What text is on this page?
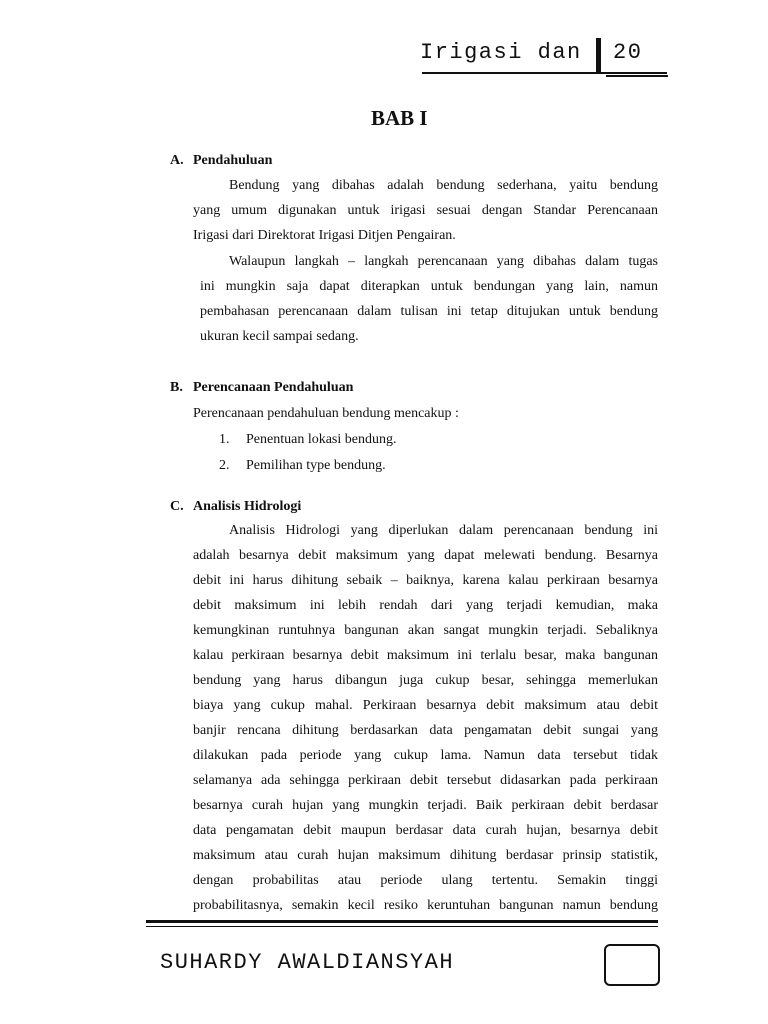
Irigasi dan 20
BAB I
A. Pendahuluan
Bendung yang dibahas adalah bendung sederhana, yaitu bendung
yang umum digunakan untuk irigasi sesuai dengan Standar Perencanaan
Irigasi dari Direktorat Irigasi Ditjen Pengairan.
Walaupun langkah – langkah perencanaan yang dibahas dalam tugas
ini mungkin saja dapat diterapkan untuk bendungan yang lain, namun
pembahasan perencanaan dalam tulisan ini tetap ditujukan untuk bendung
ukuran kecil sampai sedang.
B. Perencanaan Pendahuluan
Perencanaan pendahuluan bendung mencakup :
1. Penentuan lokasi bendung.
2. Pemilihan type bendung.
C. Analisis Hidrologi
Analisis Hidrologi yang diperlukan dalam perencanaan bendung ini
adalah besarnya debit maksimum yang dapat melewati bendung. Besarnya
debit ini harus dihitung sebaik – baiknya, karena kalau perkiraan besarnya
debit maksimum ini lebih rendah dari yang terjadi kemudian, maka
kemungkinan runtuhnya bangunan akan sangat mungkin terjadi. Sebaliknya
kalau perkiraan besarnya debit maksimum ini terlalu besar, maka bangunan
bendung yang harus dibangun juga cukup besar, sehingga memerlukan
biaya yang cukup mahal. Perkiraan besarnya debit maksimum atau debit
banjir rencana dihitung berdasarkan data pengamatan debit sungai yang
dilakukan pada periode yang cukup lama. Namun data tersebut tidak
selamanya ada sehingga perkiraan debit tersebut didasarkan pada perkiraan
besarnya curah hujan yang mungkin terjadi. Baik perkiraan debit berdasar
data pengamatan debit maupun berdasar data curah hujan, besarnya debit
maksimum atau curah hujan maksimum dihitung berdasar prinsip statistik,
dengan probabilitas atau periode ulang tertentu. Semakin tinggi
probabilitasnya, semakin kecil resiko keruntuhan bangunan namun bendung
SUHARDY AWALDIANSYAH
